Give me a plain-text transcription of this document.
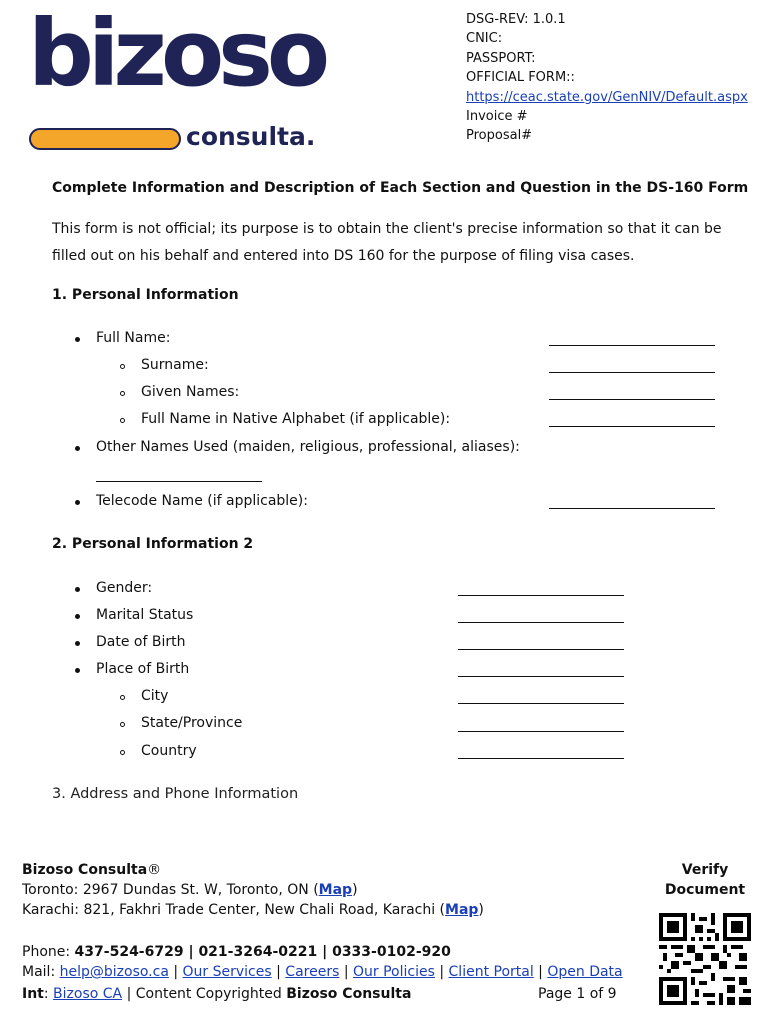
bizoso
consulta.
DSG-REV: 1.0.1
CNIC:
PASSPORT:
OFFICIAL FORM::
https://ceac.state.gov/GenNIV/Default.aspx
Invoice #
Proposal#
Complete Information and Description of Each Section and Question in the DS-160 Form
This form is not official; its purpose is to obtain the client's precise information so that it can be filled out on his behalf and entered into DS 160 for the purpose of filing visa cases.
1. Personal Information
Full Name:
Surname:
Given Names:
Full Name in Native Alphabet (if applicable):
Other Names Used (maiden, religious, professional, aliases):
Telecode Name (if applicable):
2. Personal Information 2
Gender:
Marital Status
Date of Birth
Place of Birth
City
State/Province
Country
3. Address and Phone Information
Bizoso Consulta®
Toronto: 2967 Dundas St. W, Toronto, ON (Map)
Karachi: 821, Fakhri Trade Center, New Chali Road, Karachi (Map)
Phone: 437-524-6729 | 021-3264-0221 | 0333-0102-920
Mail: help@bizoso.ca | Our Services | Careers | Our Policies | Client Portal | Open Data
Int: Bizoso CA | Content Copyrighted Bizoso Consulta	Page 1 of 9
Verify
Document
